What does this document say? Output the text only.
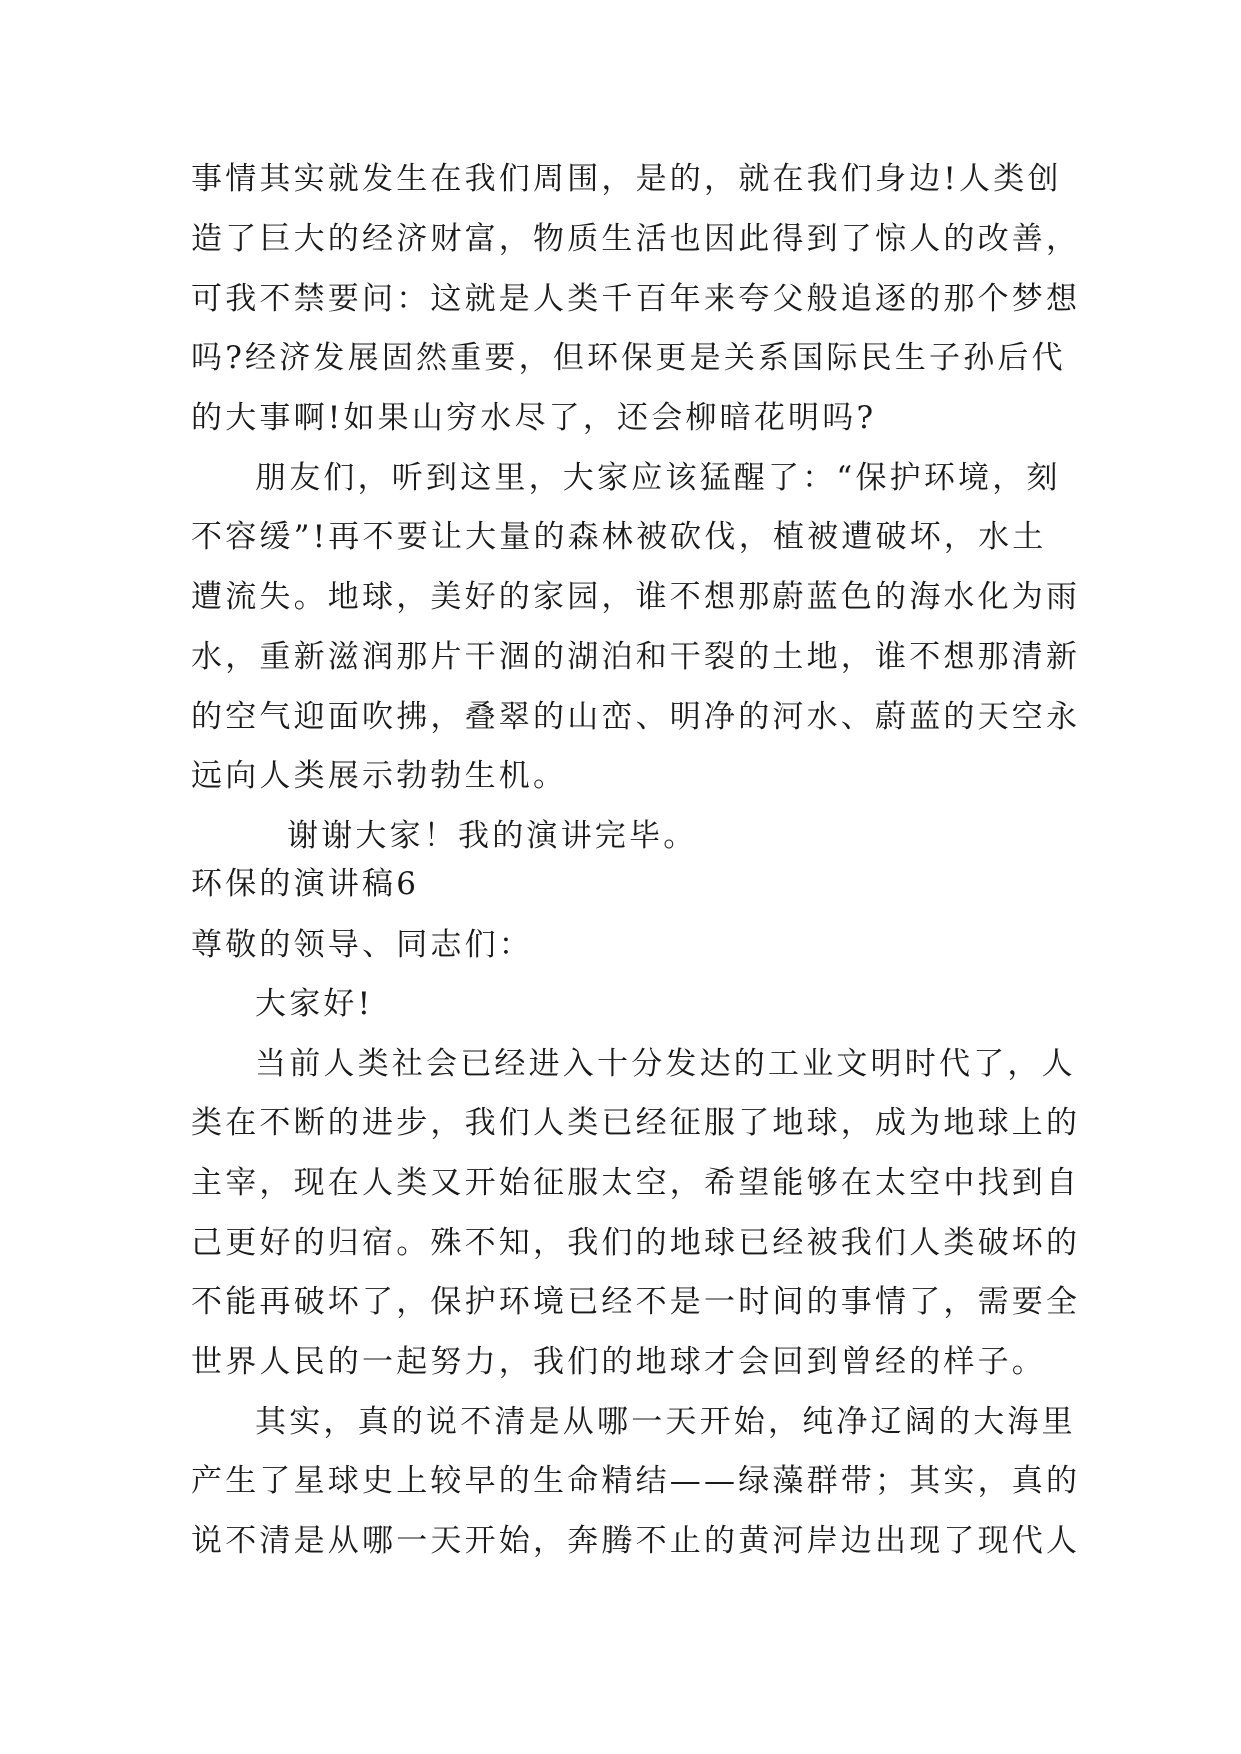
事情其实就发生在我们周围，是的，就在我们身边!人类创
造了巨大的经济财富，物质生活也因此得到了惊人的改善，
可我不禁要问：这就是人类千百年来夸父般追逐的那个梦想
吗?经济发展固然重要，但环保更是关系国际民生子孙后代
的大事啊!如果山穷水尽了，还会柳暗花明吗?
朋友们，听到这里，大家应该猛醒了：“保护环境，刻
不容缓”!再不要让大量的森林被砍伐，植被遭破坏，水土
遭流失。地球，美好的家园，谁不想那蔚蓝色的海水化为雨
水，重新滋润那片干涸的湖泊和干裂的土地，谁不想那清新
的空气迎面吹拂，叠翠的山峦、明净的河水、蔚蓝的天空永
远向人类展示勃勃生机。
谢谢大家！我的演讲完毕。
环保的演讲稿6
尊敬的领导、同志们：
大家好!
当前人类社会已经进入十分发达的工业文明时代了，人
类在不断的进步，我们人类已经征服了地球，成为地球上的
主宰，现在人类又开始征服太空，希望能够在太空中找到自
己更好的归宿。殊不知，我们的地球已经被我们人类破坏的
不能再破坏了，保护环境已经不是一时间的事情了，需要全
世界人民的一起努力，我们的地球才会回到曾经的样子。
其实，真的说不清是从哪一天开始，纯净辽阔的大海里
产生了星球史上较早的生命精结——绿藻群带；其实，真的
说不清是从哪一天开始，奔腾不止的黄河岸边出现了现代人
